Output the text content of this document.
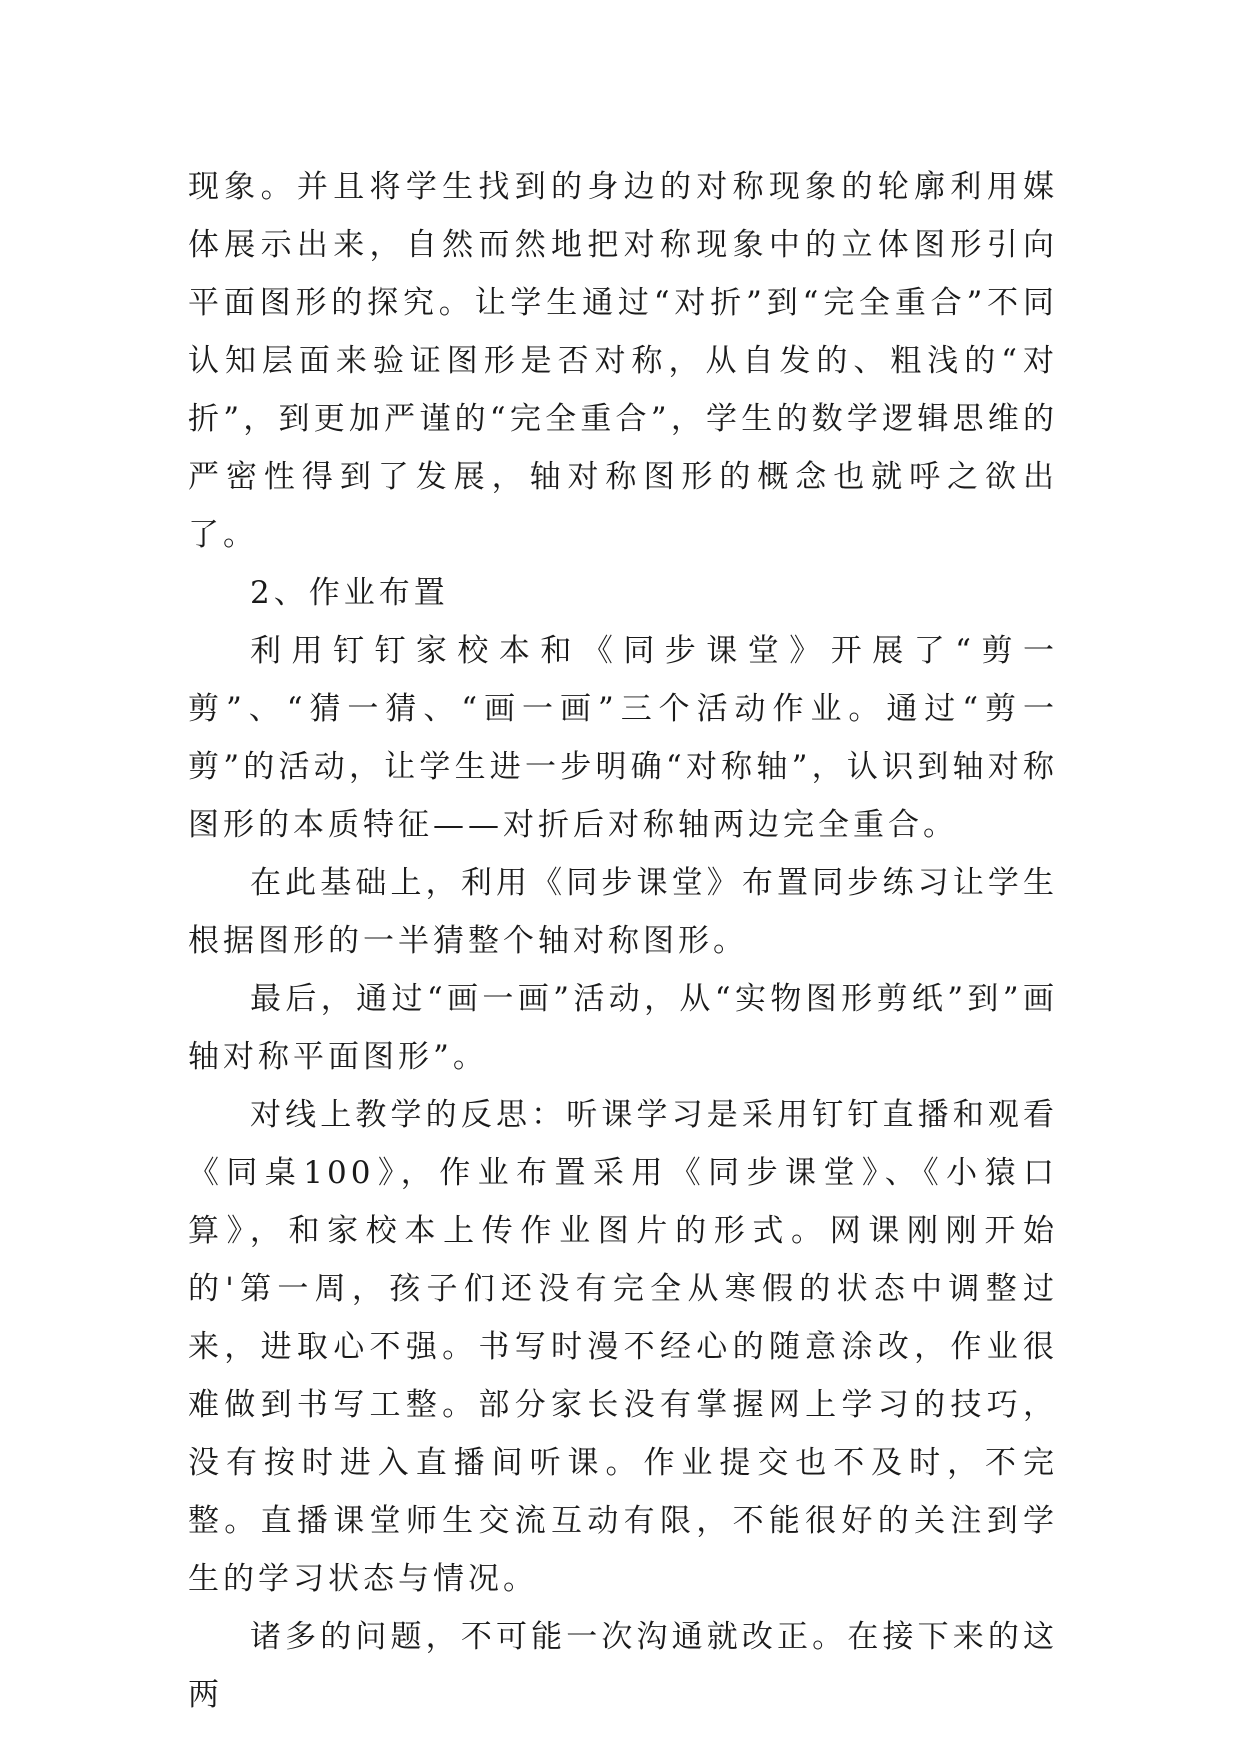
现象。并且将学生找到的身边的对称现象的轮廓利用媒体展示出来，自然而然地把对称现象中的立体图形引向平面图形的探究。让学生通过“对折”到“完全重合”不同认知层面来验证图形是否对称，从自发的、粗浅的“对折”，到更加严谨的“完全重合”，学生的数学逻辑思维的严密性得到了发展，轴对称图形的概念也就呼之欲出了。

2、作业布置

利用钉钉家校本和《同步课堂》开展了“剪一剪”、“猜一猜、“画一画”三个活动作业。通过“剪一剪”的活动，让学生进一步明确“对称轴”，认识到轴对称图形的本质特征——对折后对称轴两边完全重合。

在此基础上，利用《同步课堂》布置同步练习让学生根据图形的一半猜整个轴对称图形。

最后，通过“画一画”活动，从“实物图形剪纸”到”画轴对称平面图形”。

对线上教学的反思：听课学习是采用钉钉直播和观看《同桌100》，作业布置采用《同步课堂》、《小猿口算》，和家校本上传作业图片的形式。网课刚刚开始的'第一周，孩子们还没有完全从寒假的状态中调整过来，进取心不强。书写时漫不经心的随意涂改，作业很难做到书写工整。部分家长没有掌握网上学习的技巧，没有按时进入直播间听课。作业提交也不及时，不完整。直播课堂师生交流互动有限，不能很好的关注到学生的学习状态与情况。

诸多的问题，不可能一次沟通就改正。在接下来的这两
